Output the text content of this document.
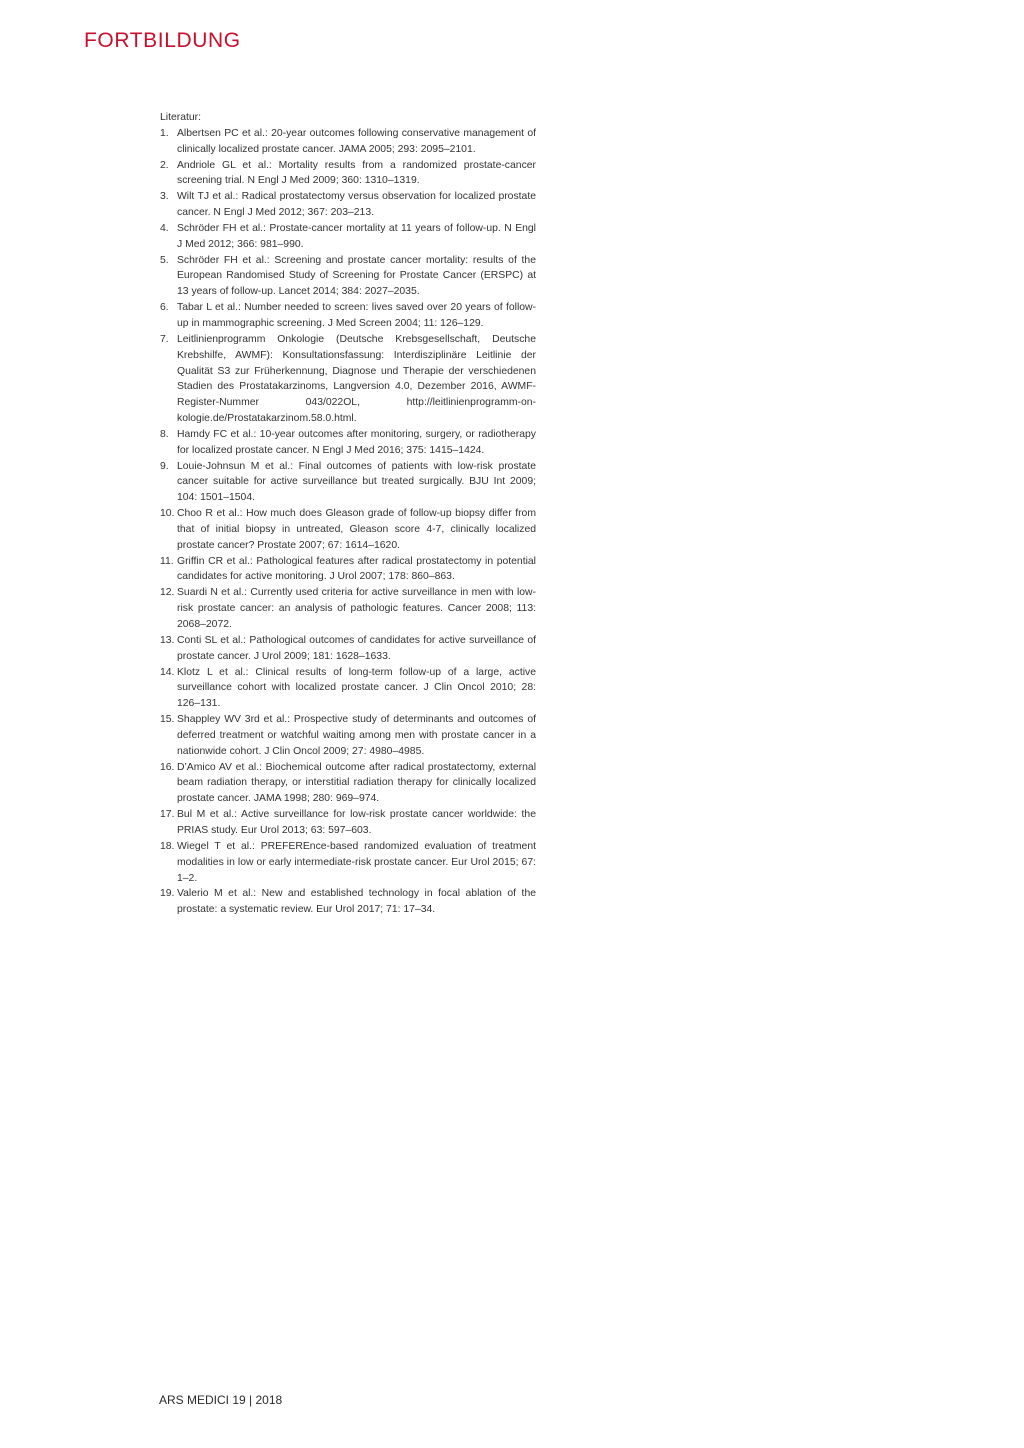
FORTBILDUNG
Literatur:
1. Albertsen PC et al.: 20-year outcomes following conservative management of clinically localized prostate cancer. JAMA 2005; 293: 2095–2101.
2. Andriole GL et al.: Mortality results from a randomized prostate-cancer screening trial. N Engl J Med 2009; 360: 1310–1319.
3. Wilt TJ et al.: Radical prostatectomy versus observation for localized prostate cancer. N Engl J Med 2012; 367: 203–213.
4. Schröder FH et al.: Prostate-cancer mortality at 11 years of follow-up. N Engl J Med 2012; 366: 981–990.
5. Schröder FH et al.: Screening and prostate cancer mortality: results of the European Randomised Study of Screening for Prostate Cancer (ERSPC) at 13 years of follow-up. Lancet 2014; 384: 2027–2035.
6. Tabar L et al.: Number needed to screen: lives saved over 20 years of follow-up in mammographic screening. J Med Screen 2004; 11: 126–129.
7. Leitlinienprogramm Onkologie (Deutsche Krebsgesellschaft, Deutsche Krebshilfe, AWMF): Konsultationsfassung: Interdisziplinäre Leitlinie der Qualität S3 zur Früherkennung, Diagnose und Therapie der verschiedenen Stadien des Prostatakarzinoms, Langversion 4.0, Dezember 2016, AWMF-Register-Nummer 043/022OL, http://leitlinienprogramm-onkologie.de/Prostatakarzinom.58.0.html.
8. Hamdy FC et al.: 10-year outcomes after monitoring, surgery, or radiotherapy for localized prostate cancer. N Engl J Med 2016; 375: 1415–1424.
9. Louie-Johnsun M et al.: Final outcomes of patients with low-risk prostate cancer suitable for active surveillance but treated surgically. BJU Int 2009; 104: 1501–1504.
10. Choo R et al.: How much does Gleason grade of follow-up biopsy differ from that of initial biopsy in untreated, Gleason score 4-7, clinically localized prostate cancer? Prostate 2007; 67: 1614–1620.
11. Griffin CR et al.: Pathological features after radical prostatectomy in potential candidates for active monitoring. J Urol 2007; 178: 860–863.
12. Suardi N et al.: Currently used criteria for active surveillance in men with low-risk prostate cancer: an analysis of pathologic features. Cancer 2008; 113: 2068–2072.
13. Conti SL et al.: Pathological outcomes of candidates for active surveillance of prostate cancer. J Urol 2009; 181: 1628–1633.
14. Klotz L et al.: Clinical results of long-term follow-up of a large, active surveillance cohort with localized prostate cancer. J Clin Oncol 2010; 28: 126–131.
15. Shappley WV 3rd et al.: Prospective study of determinants and outcomes of deferred treatment or watchful waiting among men with prostate cancer in a nationwide cohort. J Clin Oncol 2009; 27: 4980–4985.
16. D’Amico AV et al.: Biochemical outcome after radical prostatectomy, external beam radiation therapy, or interstitial radiation therapy for clinically localized prostate cancer. JAMA 1998; 280: 969–974.
17. Bul M et al.: Active surveillance for low-risk prostate cancer worldwide: the PRIAS study. Eur Urol 2013; 63: 597–603.
18. Wiegel T et al.: PREFEREnce-based randomized evaluation of treatment modalities in low or early intermediate-risk prostate cancer. Eur Urol 2015; 67: 1–2.
19. Valerio M et al.: New and established technology in focal ablation of the prostate: a systematic review. Eur Urol 2017; 71: 17–34.
ARS MEDICI 19 | 2018
